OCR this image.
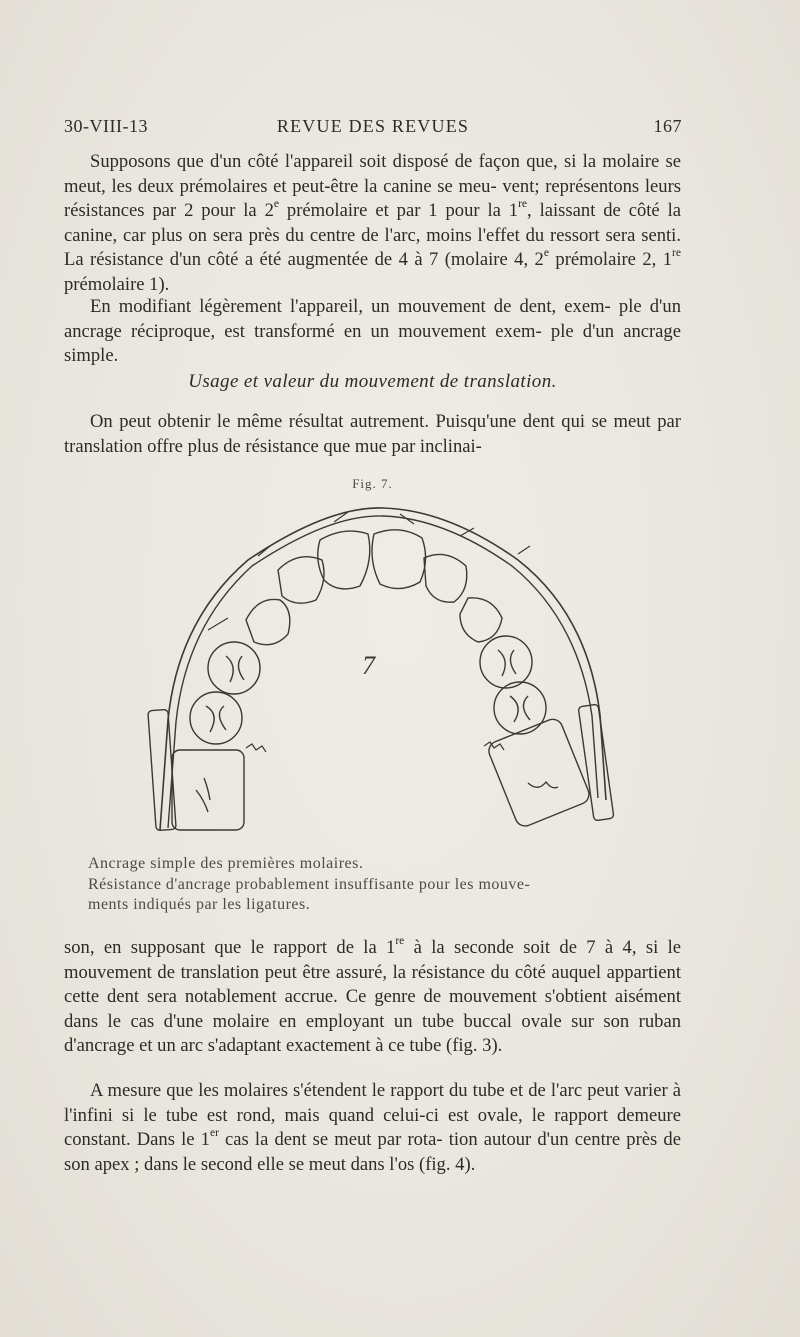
30-VIII-13	REVUE DES REVUES	167

Supposons que d'un côté l'appareil soit disposé de façon que, si la molaire se meut, les deux prémolaires et peut-être la canine se meu- vent; représentons leurs résistances par 2 pour la 2e prémolaire et par 1 pour la 1re, laissant de côté la canine, car plus on sera près du centre de l'arc, moins l'effet du ressort sera senti. La résistance d'un côté a été augmentée de 4 à 7 (molaire 4, 2e prémolaire 2, 1re prémolaire 1).

En modifiant légèrement l'appareil, un mouvement de dent, exem- ple d'un ancrage réciproque, est transformé en un mouvement exem- ple d'un ancrage simple.

Usage et valeur du mouvement de translation.

On peut obtenir le même résultat autrement. Puisqu'une dent qui se meut par translation offre plus de résistance que mue par inclinai-

Fig. 7.
7
Ancrage simple des premières molaires.
Résistance d'ancrage probablement insuffisante pour les mouve-
ments indiqués par les ligatures.

son, en supposant que le rapport de la 1re à la seconde soit de 7 à 4, si le mouvement de translation peut être assuré, la résistance du côté auquel appartient cette dent sera notablement accrue. Ce genre de mouvement s'obtient aisément dans le cas d'une molaire en employant un tube buccal ovale sur son ruban d'ancrage et un arc s'adaptant exactement à ce tube (fig. 3).

A mesure que les molaires s'étendent le rapport du tube et de l'arc peut varier à l'infini si le tube est rond, mais quand celui-ci est ovale, le rapport demeure constant. Dans le 1er cas la dent se meut par rota- tion autour d'un centre près de son apex ; dans le second elle se meut dans l'os (fig. 4).
